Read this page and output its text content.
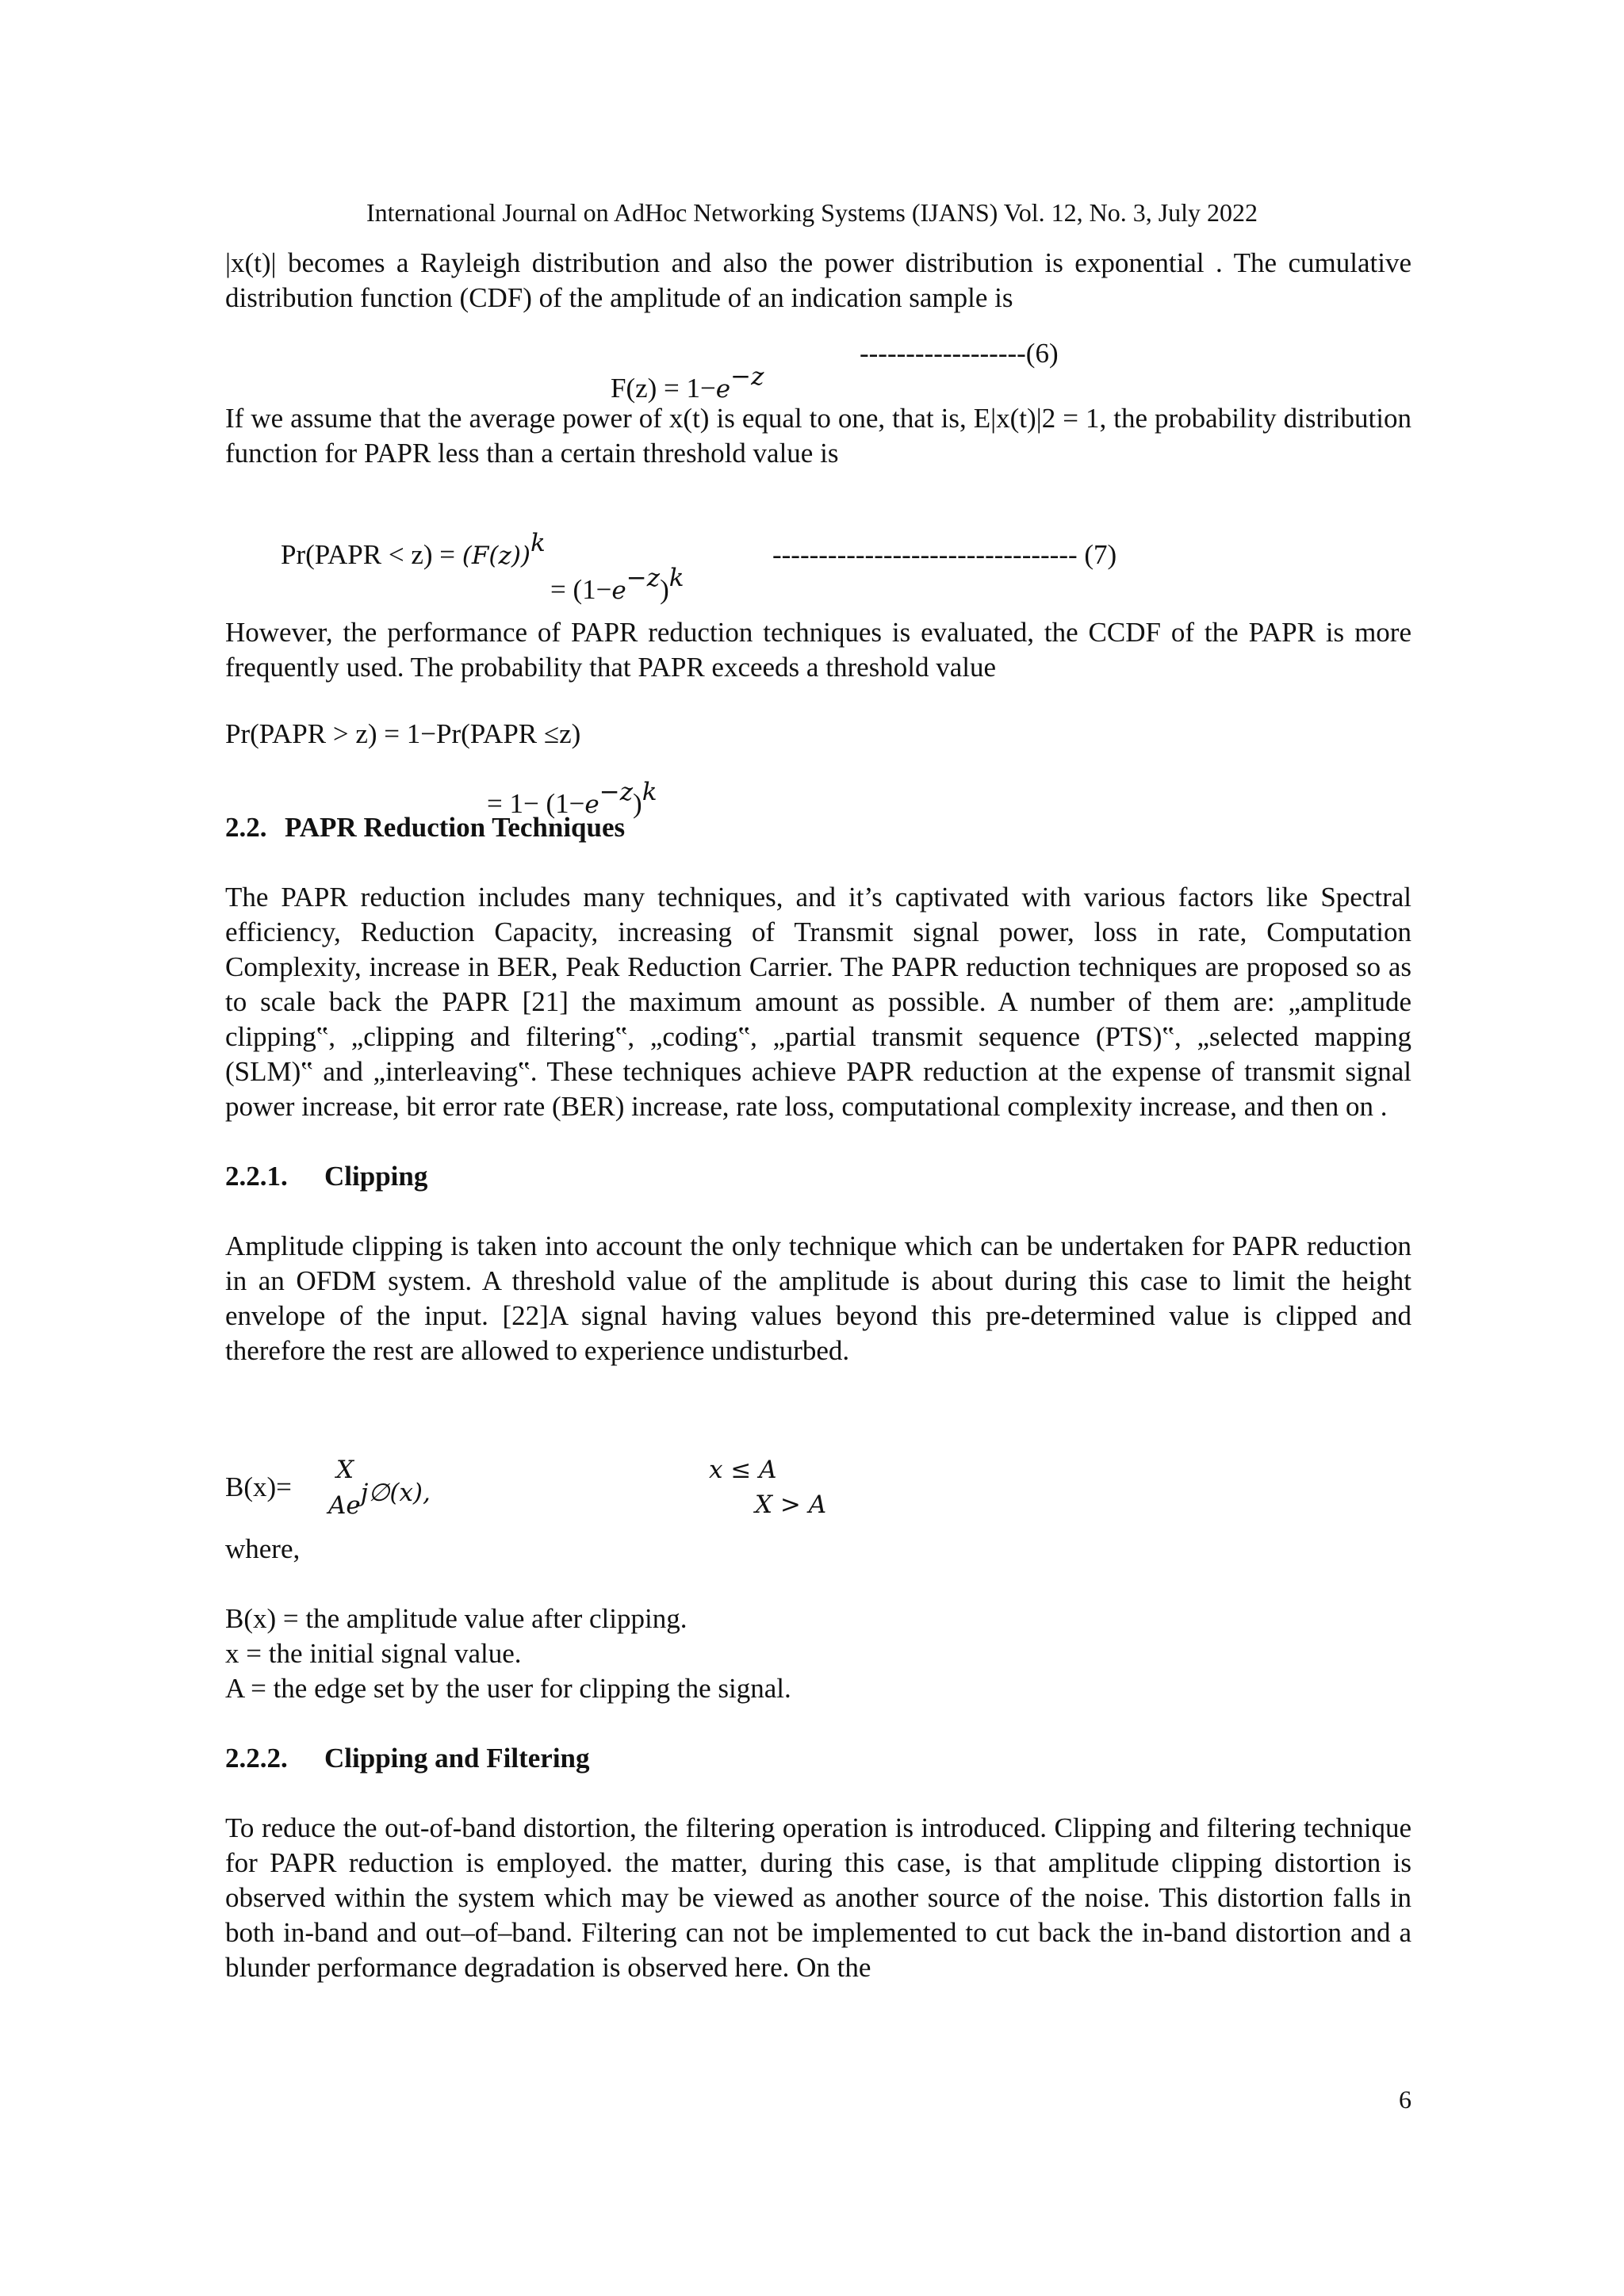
International Journal on AdHoc Networking Systems (IJANS) Vol. 12, No. 3, July 2022

|x(t)| becomes a Rayleigh distribution and also the power distribution is exponential . The cumulative distribution function (CDF) of the amplitude of an indication sample is

$F(z) = 1-e^{-z}$

------------------(6)

If we assume that the average power of x(t) is equal to one, that is, E|x(t)|2 = 1, the probability distribution function for PAPR less than a certain threshold value is

Pr(PAPR < $z) = (F(z))^k$

= $(1-e^{-z})^k$

--------------------------------- (7)

However, the performance of PAPR reduction techniques is evaluated, the CCDF of the PAPR is more frequently used. The probability that PAPR exceeds a threshold value

Pr(PAPR > z) = 1−Pr(PAPR ≤z)

= $1- (1-e^{-z})^k$

2.2. PAPR Reduction Techniques

The PAPR reduction includes many techniques, and it’s captivated with various factors like Spectral efficiency, Reduction Capacity, increasing of Transmit signal power, loss in rate, Computation Complexity, increase in BER, Peak Reduction Carrier. The PAPR reduction techniques are proposed so as to scale back the PAPR [21] the maximum amount as possible. A number of them are: „amplitude clipping‟, „clipping and filtering‟, „coding‟, „partial transmit sequence (PTS)‟, „selected mapping (SLM)‟ and „interleaving‟. These techniques achieve PAPR reduction at the expense of transmit signal power increase, bit error rate (BER) increase, rate loss, computational complexity increase, and then on .

2.2.1. Clipping

Amplitude clipping is taken into account the only technique which can be undertaken for PAPR reduction in an OFDM system. A threshold value of the amplitude is about during this case to limit the height envelope of the input. [22]A signal having values beyond this pre-determined value is clipped and therefore the rest are allowed to experience undisturbed.

B(x)=
X
$Ae^{j\emptyset(x),}$
x ≤ A
X > A

where,

B(x) = the amplitude value after clipping.
x = the initial signal value.
A = the edge set by the user for clipping the signal.
2.2.2. Clipping and Filtering

To reduce the out-of-band distortion, the filtering operation is introduced. Clipping and filtering technique for PAPR reduction is employed. the matter, during this case, is that amplitude clipping distortion is observed within the system which may be viewed as another source of the noise. This distortion falls in both in-band and out–of–band. Filtering can not be implemented to cut back the in-band distortion and a blunder performance degradation is observed here. On the

6
